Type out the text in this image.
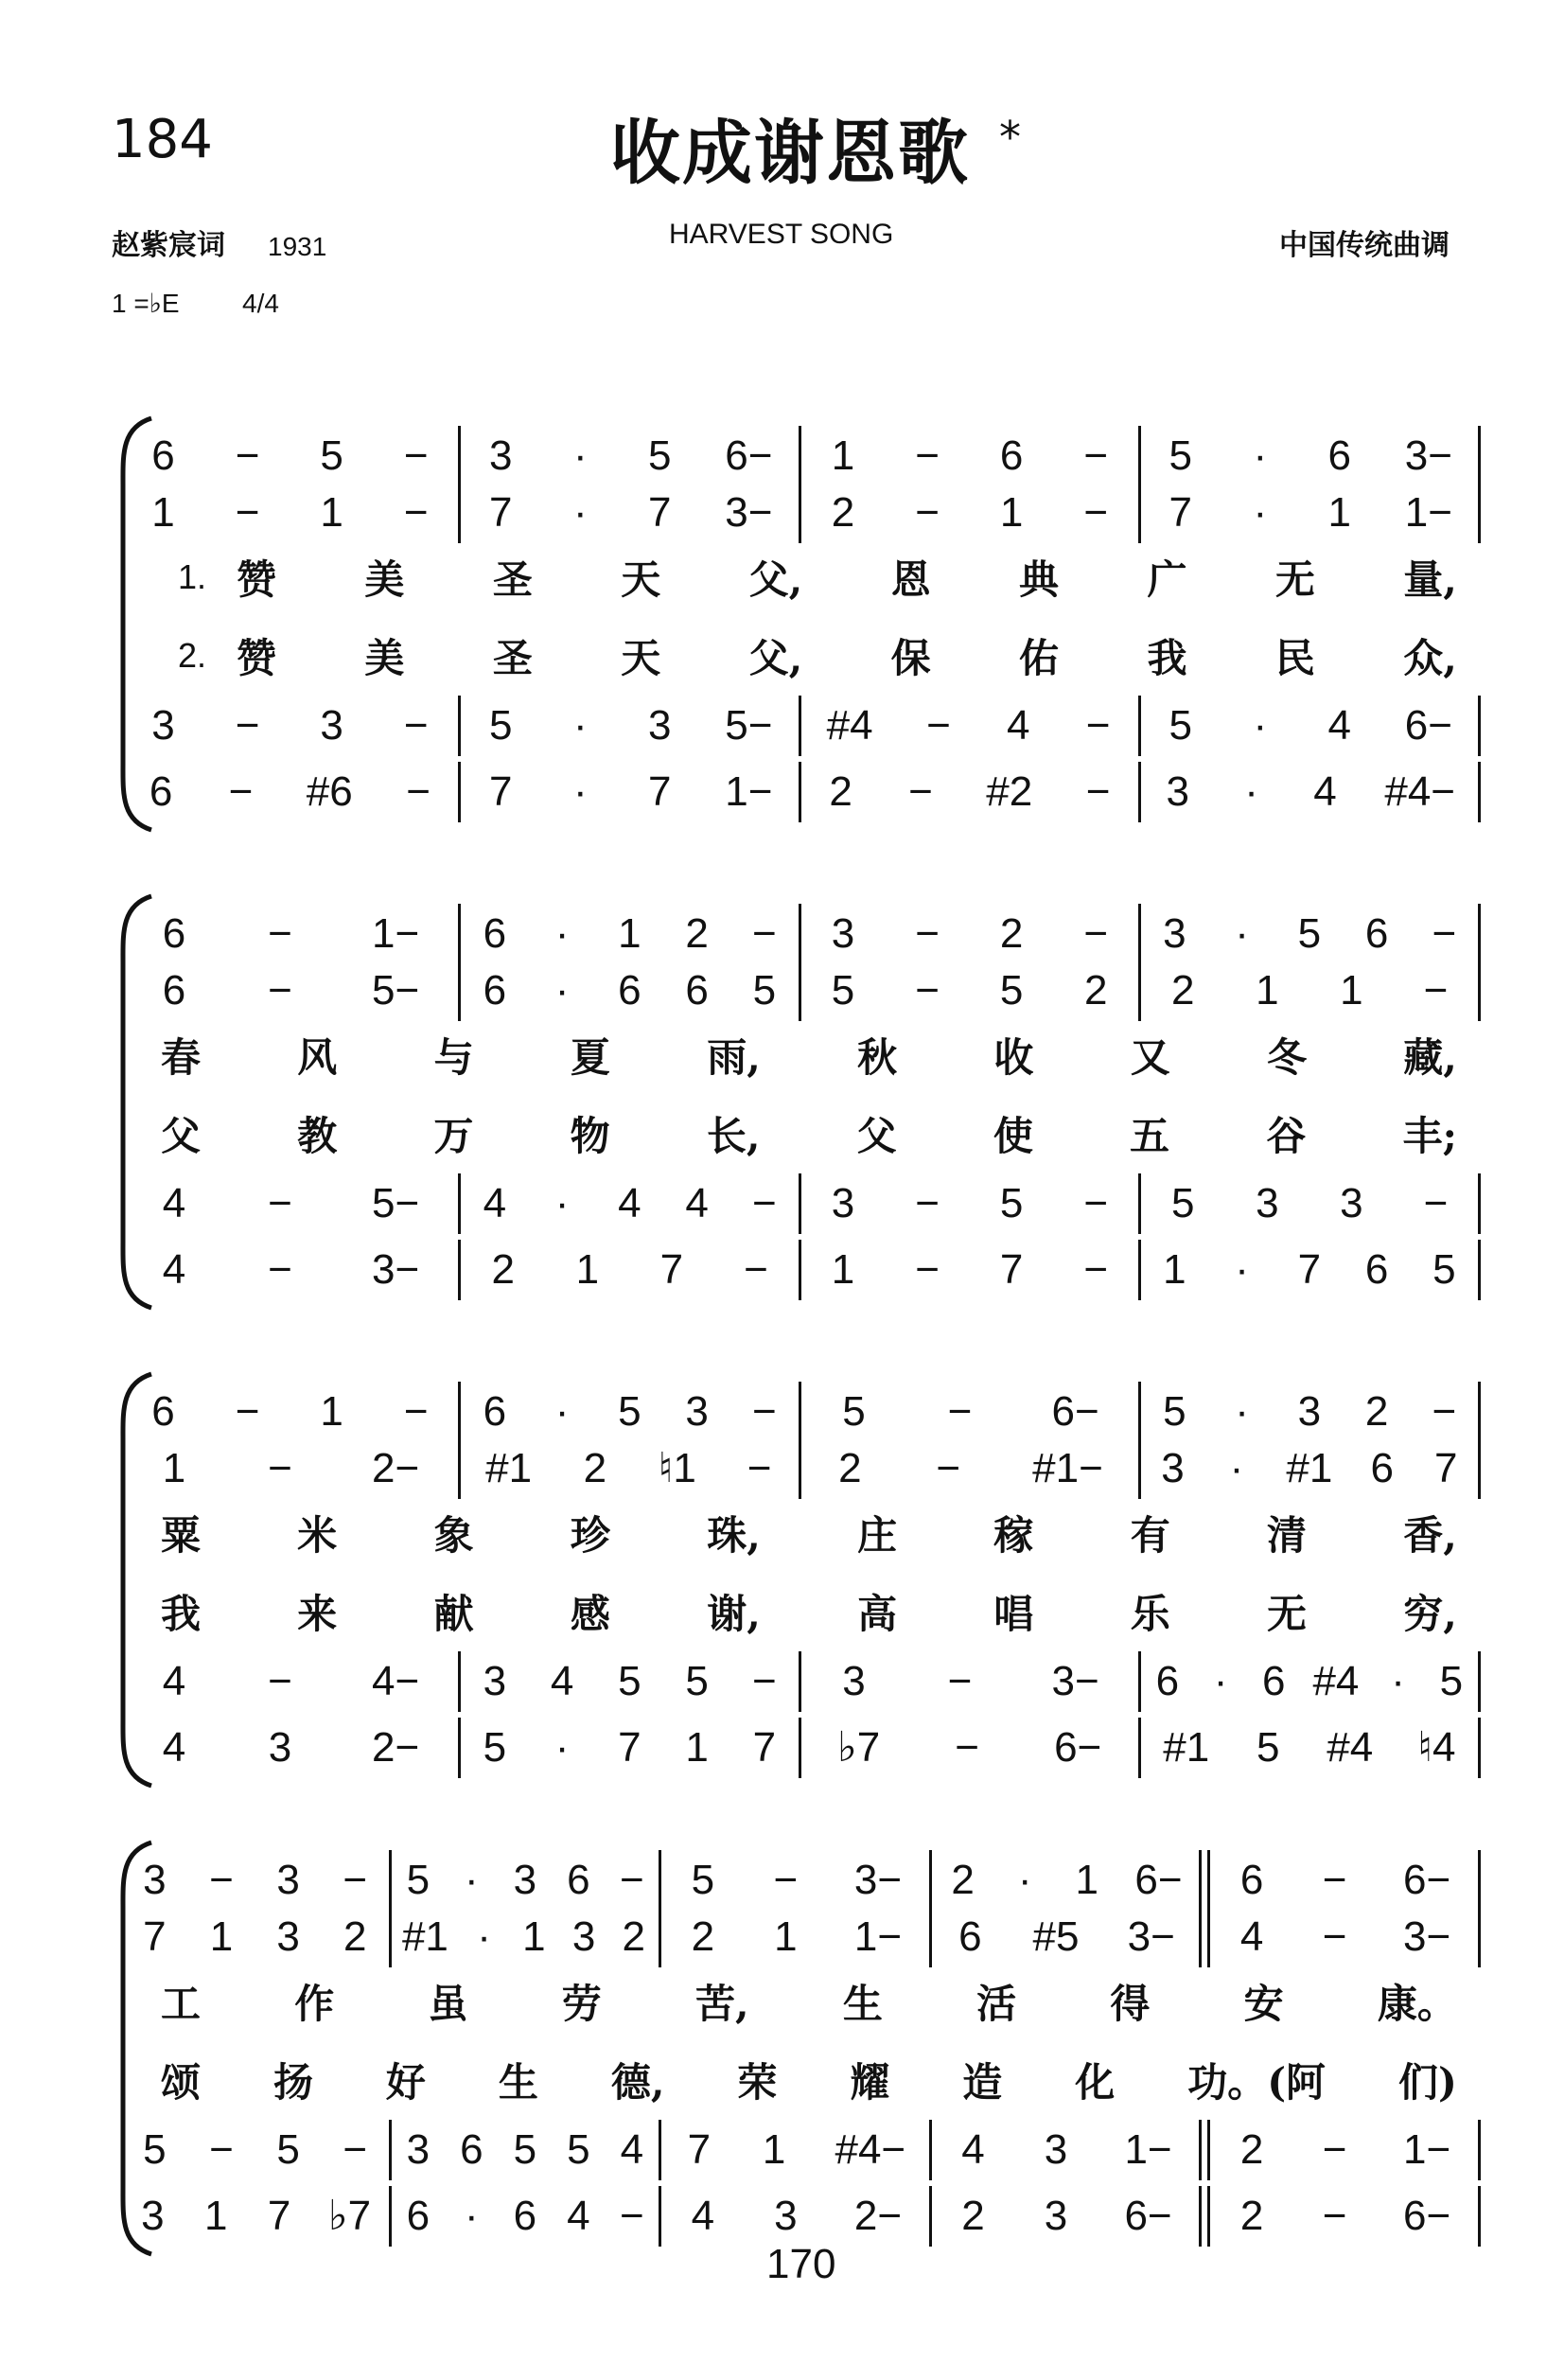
184	收成谢恩歌 *
HARVEST SONG
赵紫宸词 1931	中国传统曲调
1 =♭E 4/4
6 − 5 − 3 · 5 6− 1 − 6 − 5 · 6 3−
1 − 1 − 7 · 7 3− 2 − 1 − 7 · 1 1−
1.
2.
赞 美 圣 天 父, 恩 典 广 无 量,
赞 美 圣 天 父, 保 佑 我 民 众,
3 − 3 − 5 · 3 5− #4 − 4 − 5 · 4 6−
6 − #6 − 7 · 7 1− 2 − #2 − 3 · 4 #4−
6 − 1− 6 · 1 2 − 3 − 2 − 3 · 5 6 −
6 − 5− 6 · 6 6 5 5 − 5 2 2 1 1 −
春 风 与 夏 雨, 秋 收 又 冬 藏,
父 教 万 物 长, 父 使 五 谷 丰;
4 − 5− 4 · 4 4 − 3 − 5 − 5 3 3 −
4 − 3− 2 1 7 − 1 − 7 − 1 · 7 6 5
6 − 1 − 6 · 5 3 − 5 − 6− 5 · 3 2 −
1 − 2− #1 2 ♮1 − 2 − #1− 3 · #1 6 7
粟 米 象 珍 珠, 庄 稼 有 清 香,
我 来 献 感 谢, 高 唱 乐 无 穷,
4 − 4− 3 4 5 5 − 3 − 3− 6 · 6 #4 · 5
4 3 2− 5 · 7 1 7 ♭7 − 6− #1 5 #4 ♮4
3 − 3 − 5 · 3 6 − 5 − 3− 2 · 1 6− 6 − 6−
7 1 3 2 #1 · 1 3 2 2 1 1− 6 #5 3− 4 − 3−
工 作 虽 劳 苦, 生 活 得 安 康。
颂 扬 好 生 德, 荣 耀 造 化 功。(阿 们)
5 − 5 − 3 6 5 5 4 7 1 #4− 4 3 1− 2 − 1−
3 1 7 ♭7 6 · 6 4 − 4 3 2− 2 3 6− 2 − 6−
170
